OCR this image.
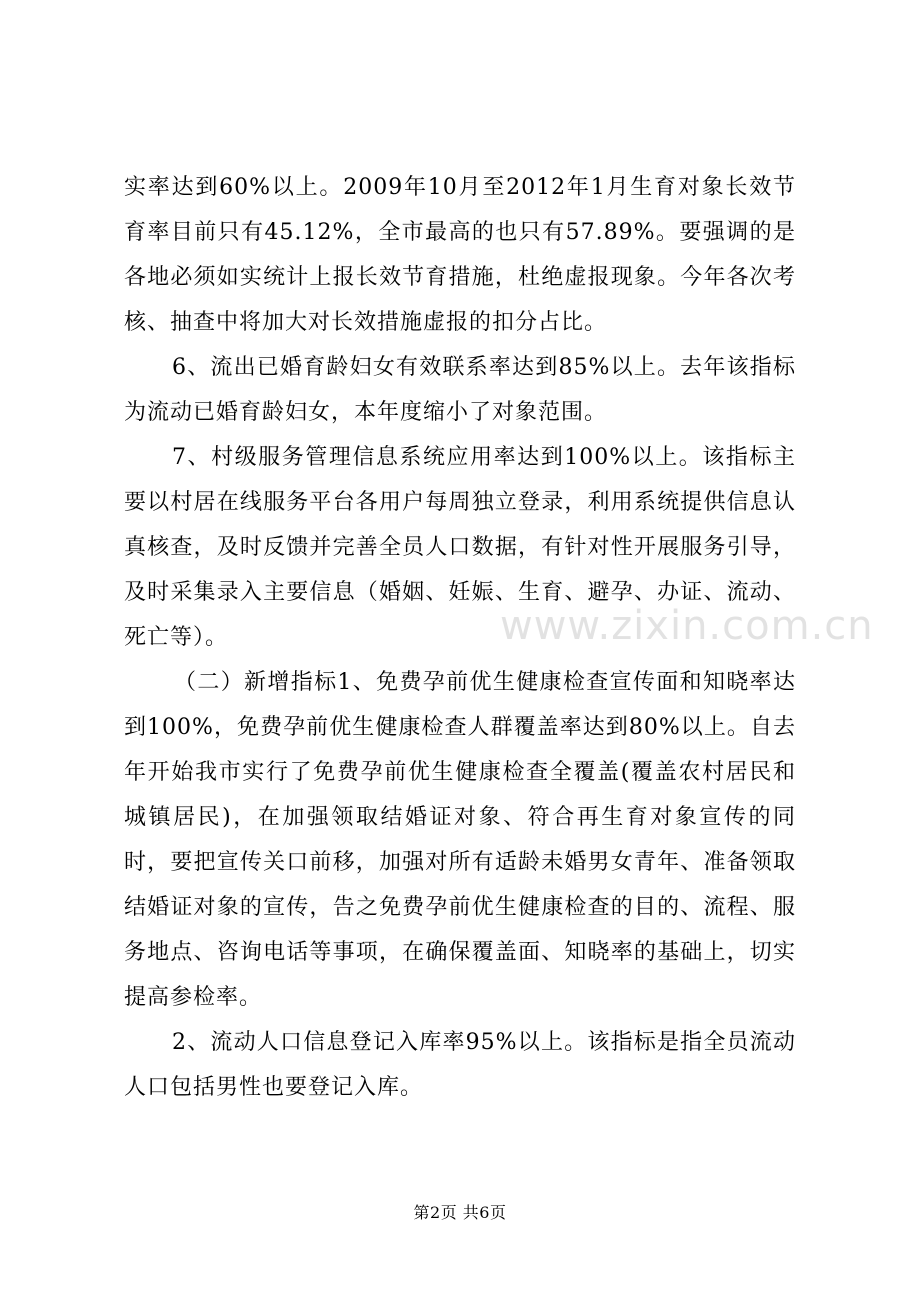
实率达到60%以上。2009年10月至2012年1月生育对象长效节育率目前只有45.12%，全市最高的也只有57.89%。要强调的是各地必须如实统计上报长效节育措施，杜绝虚报现象。今年各次考核、抽查中将加大对长效措施虚报的扣分占比。

6、流出已婚育龄妇女有效联系率达到85%以上。去年该指标为流动已婚育龄妇女，本年度缩小了对象范围。

7、村级服务管理信息系统应用率达到100%以上。该指标主要以村居在线服务平台各用户每周独立登录，利用系统提供信息认真核查，及时反馈并完善全员人口数据，有针对性开展服务引导，及时采集录入主要信息（婚姻、妊娠、生育、避孕、办证、流动、死亡等）。

（二）新增指标1、免费孕前优生健康检查宣传面和知晓率达到100%，免费孕前优生健康检查人群覆盖率达到80%以上。自去年开始我市实行了免费孕前优生健康检查全覆盖(覆盖农村居民和城镇居民)，在加强领取结婚证对象、符合再生育对象宣传的同时，要把宣传关口前移，加强对所有适龄未婚男女青年、准备领取结婚证对象的宣传，告之免费孕前优生健康检查的目的、流程、服务地点、咨询电话等事项，在确保覆盖面、知晓率的基础上，切实提高参检率。

2、流动人口信息登记入库率95%以上。该指标是指全员流动人口包括男性也要登记入库。

www.zixin.com.cn
第2页 共6页
